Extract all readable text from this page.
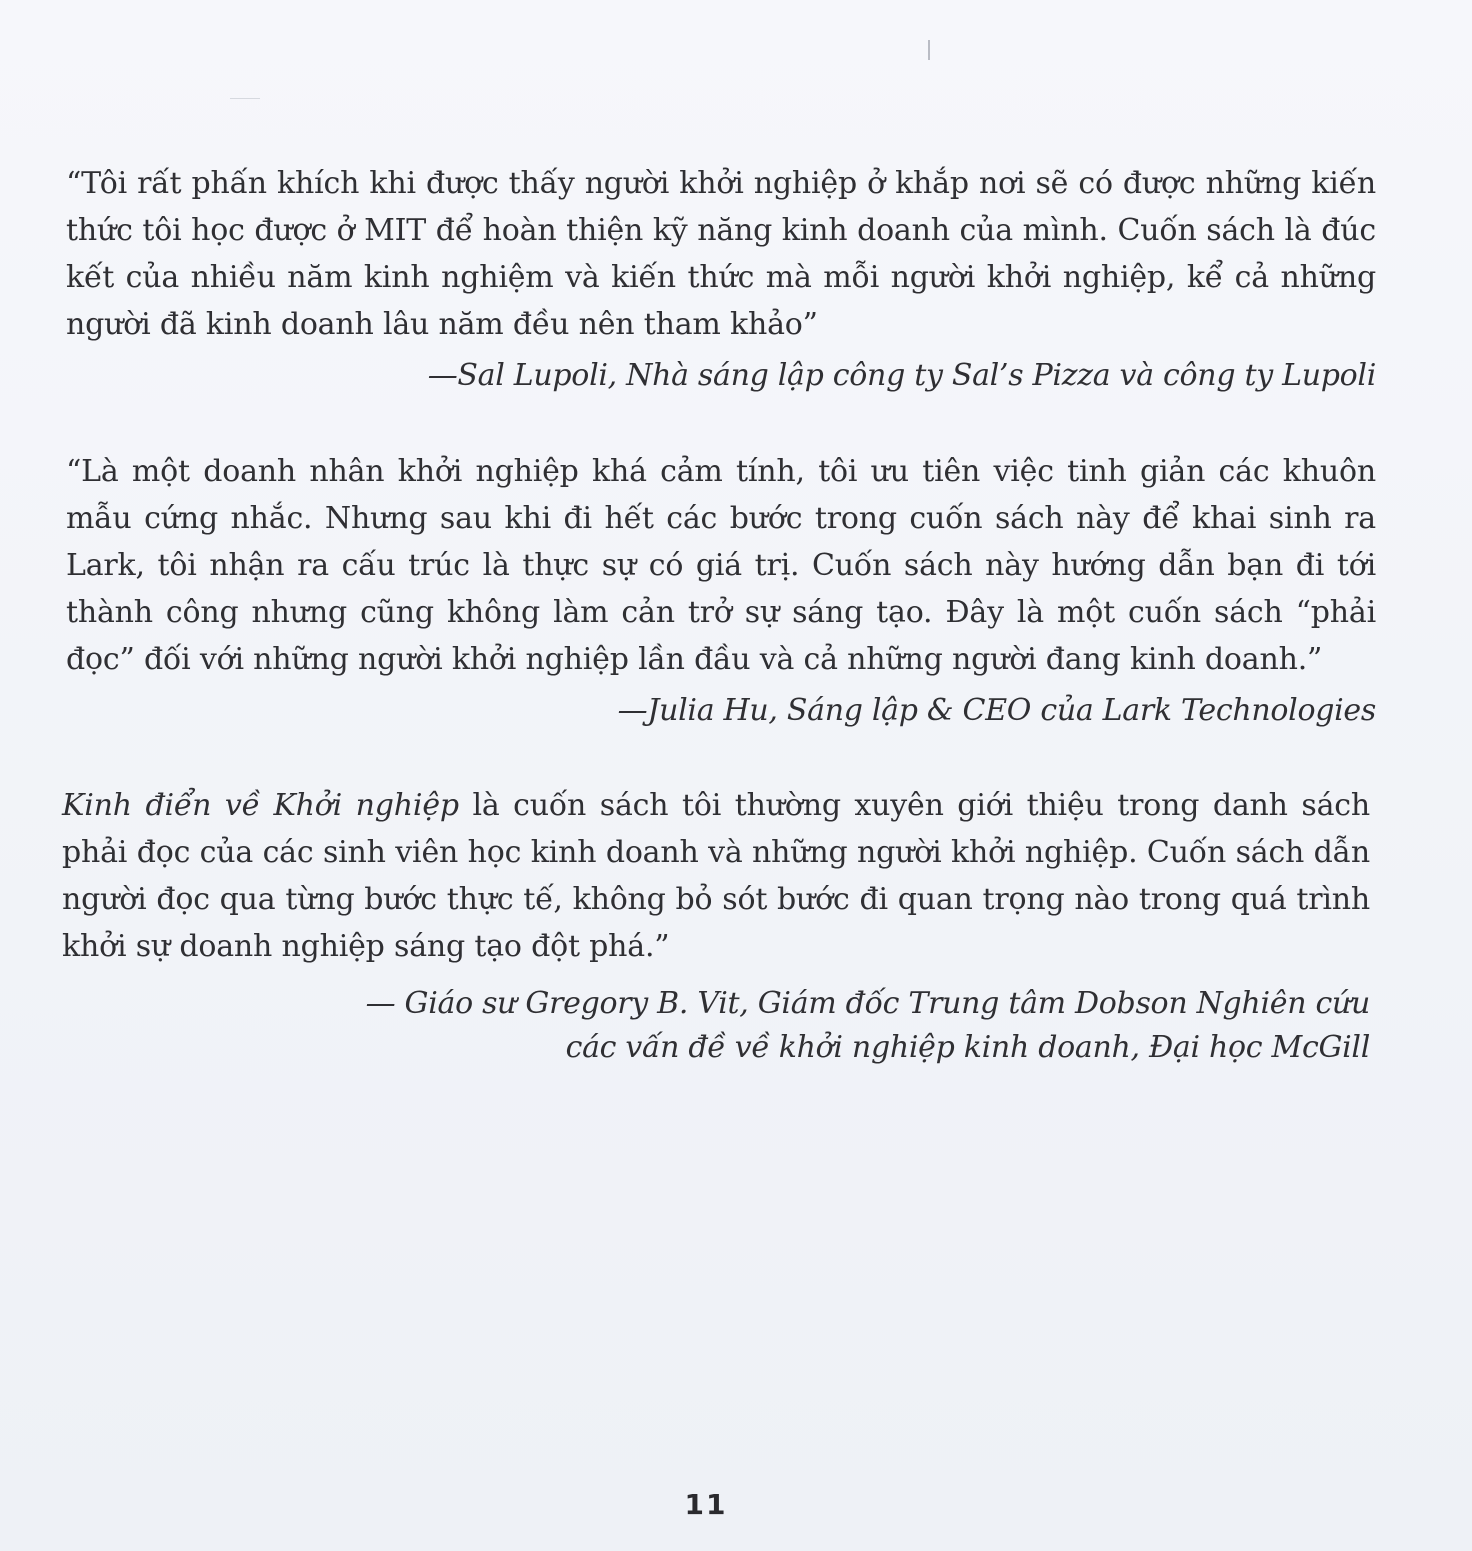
“Tôi rất phấn khích khi được thấy người khởi nghiệp ở khắp nơi sẽ có được những kiến thức tôi học được ở MIT để hoàn thiện kỹ năng kinh doanh của mình. Cuốn sách là đúc kết của nhiều năm kinh nghiệm và kiến thức mà mỗi người khởi nghiệp, kể cả những người đã kinh doanh lâu năm đều nên tham khảo”

—Sal Lupoli, Nhà sáng lập công ty Sal’s Pizza và công ty Lupoli

“Là một doanh nhân khởi nghiệp khá cảm tính, tôi ưu tiên việc tinh giản các khuôn mẫu cứng nhắc. Nhưng sau khi đi hết các bước trong cuốn sách này để khai sinh ra Lark, tôi nhận ra cấu trúc là thực sự có giá trị. Cuốn sách này hướng dẫn bạn đi tới thành công nhưng cũng không làm cản trở sự sáng tạo. Đây là một cuốn sách “phải đọc” đối với những người khởi nghiệp lần đầu và cả những người đang kinh doanh.”

—Julia Hu, Sáng lập & CEO của Lark Technologies

Kinh điển về Khởi nghiệp là cuốn sách tôi thường xuyên giới thiệu trong danh sách phải đọc của các sinh viên học kinh doanh và những người khởi nghiệp. Cuốn sách dẫn người đọc qua từng bước thực tế, không bỏ sót bước đi quan trọng nào trong quá trình khởi sự doanh nghiệp sáng tạo đột phá.”

— Giáo sư Gregory B. Vit, Giám đốc Trung tâm Dobson Nghiên cứu
các vấn đề về khởi nghiệp kinh doanh, Đại học McGill

11
